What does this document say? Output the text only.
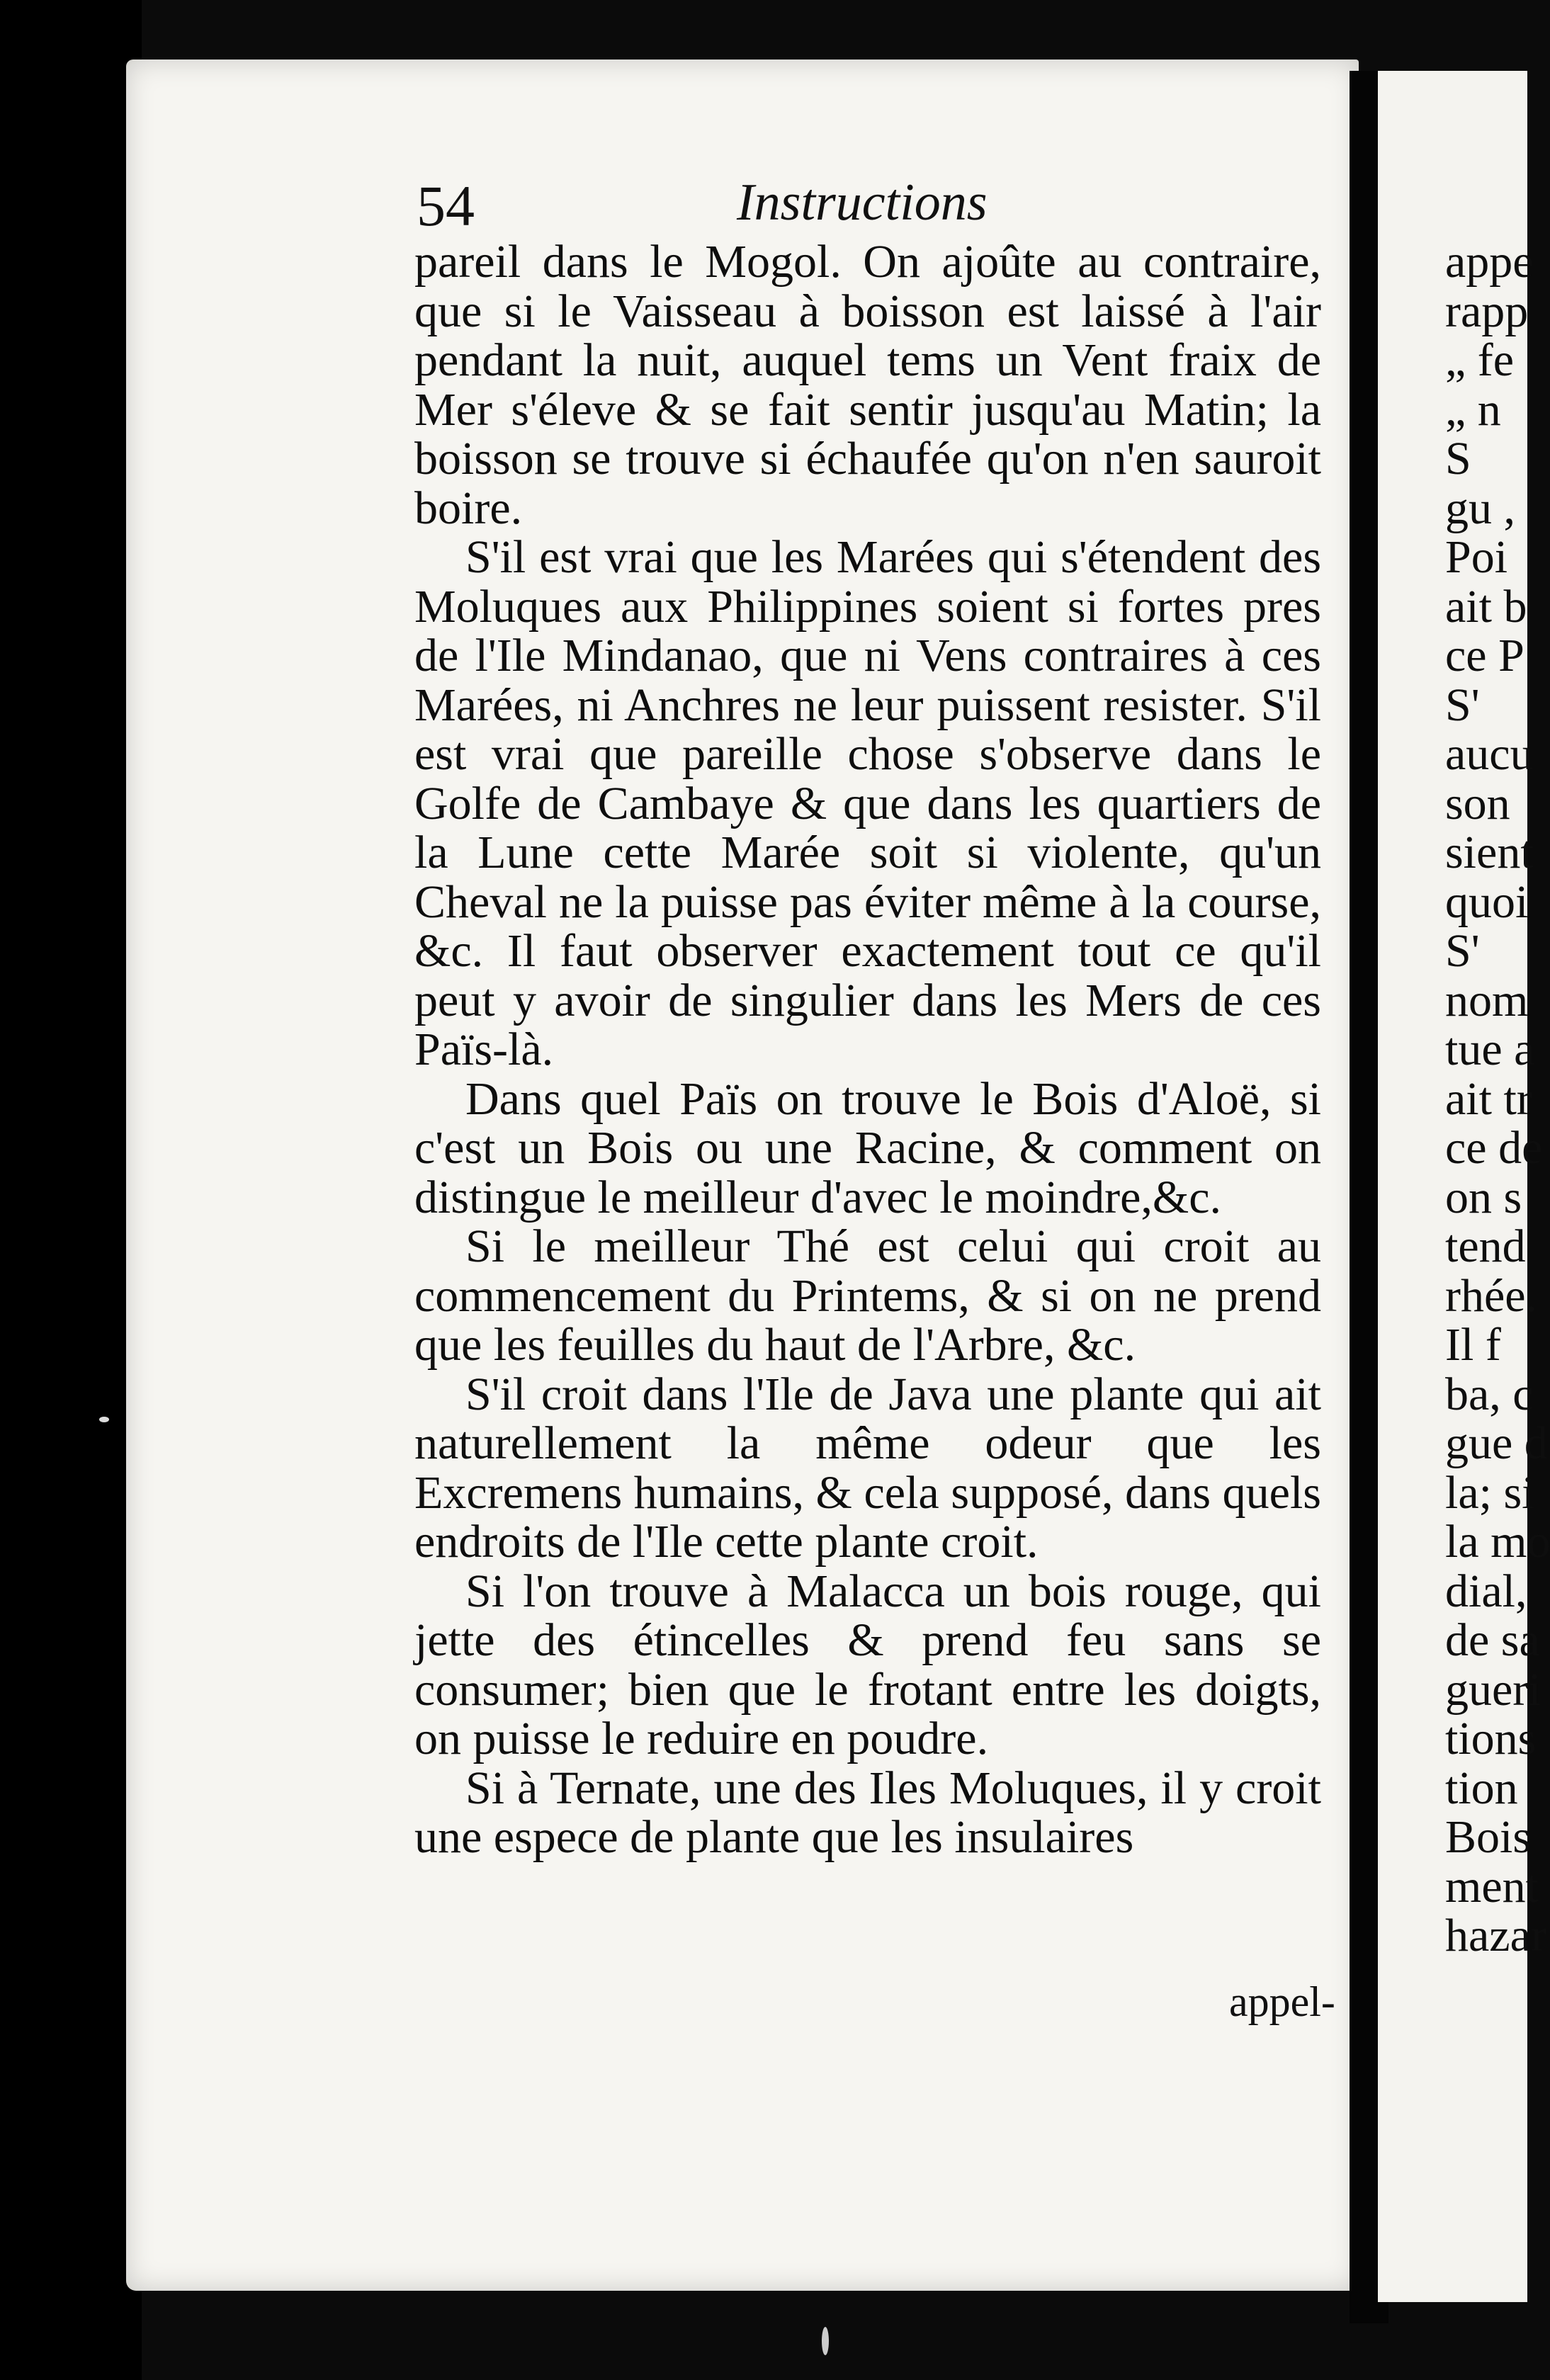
54	Instructions

pareil dans le Mogol. On ajoûte au contraire, que si le Vaisseau à boisson est laissé à l'air pendant la nuit, auquel tems un Vent fraix de Mer s'éleve & se fait sentir jusqu'au Matin; la boisson se trouve si échaufée qu'on n'en sauroit boire.

S'il est vrai que les Marées qui s'étendent des Moluques aux Philippines soient si fortes pres de l'Ile Mindanao, que ni Vens contraires à ces Marées, ni Anchres ne leur puissent resister. S'il est vrai que pareille chose s'observe dans le Golfe de Cambaye & que dans les quartiers de la Lune cette Marée soit si violente, qu'un Cheval ne la puisse pas éviter même à la course, &c. Il faut observer exactement tout ce qu'il peut y avoir de singulier dans les Mers de ces Païs-là.

Dans quel Païs on trouve le Bois d'Aloë, si c'est un Bois ou une Racine, & comment on distingue le meilleur d'avec le moindre,&c.

Si le meilleur Thé est celui qui croit au commencement du Printems, & si on ne prend que les feuilles du haut de l'Arbre, &c.

S'il croit dans l'Ile de Java une plante qui ait naturellement la même odeur que les Excremens humains, & cela supposé, dans quels endroits de l'Ile cette plante croit.

Si l'on trouve à Malacca un bois rouge, qui jette des étincelles & prend feu sans se consumer; bien que le frotant entre les doigts, on puisse le reduire en poudre.

Si à Ternate, une des Iles Moluques, il y croit une espece de plante que les insulaires

appel-
appe
rapp
„ fe
„ n
S
gu ,
Poi
ait b
ce P
S'
aucu
son
sient
quoi
S'
nom
tue a
ait tr
ce de
on s
tend
rhée.
Il f
ba, c
gue d
la; si
la mo
dial,
de sa
gueri
tions
tion
Bois
ment
hazar
